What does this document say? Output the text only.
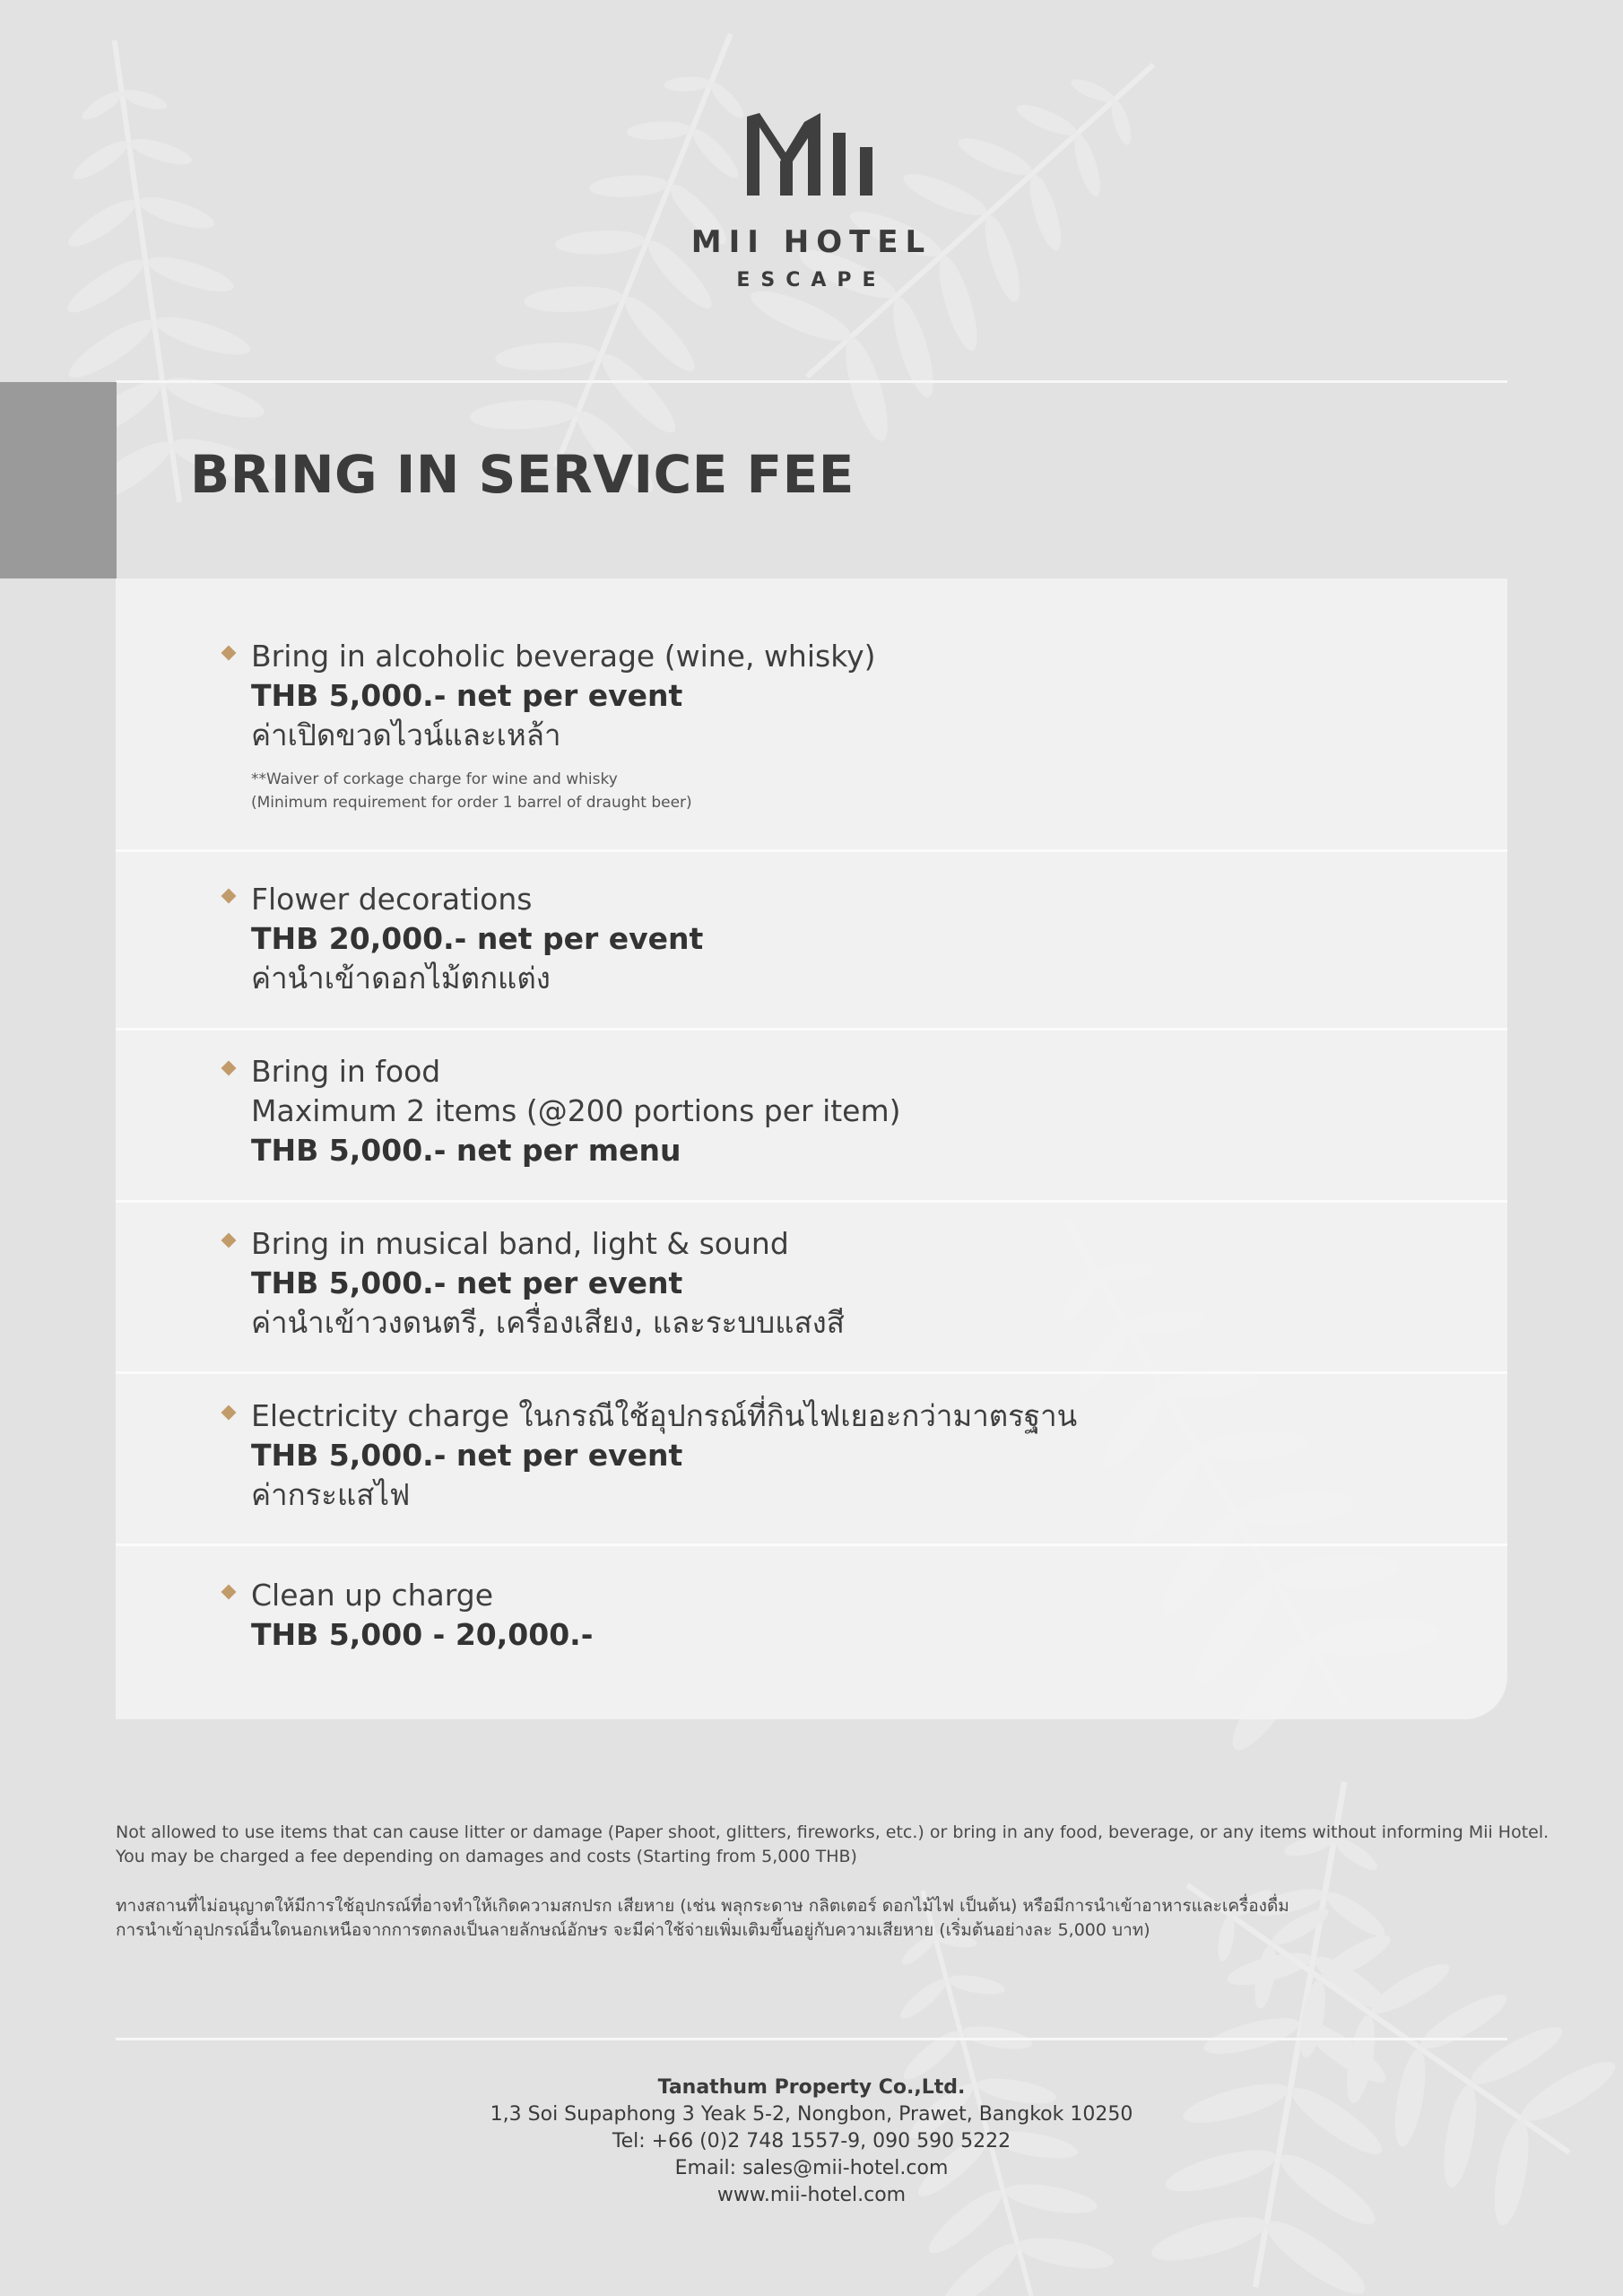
MII HOTEL
ESCAPE
BRING IN SERVICE FEE
Bring in alcoholic beverage (wine, whisky)
THB 5,000.- net per event
ค่าเปิดขวดไวน์และเหล้า
**Waiver of corkage charge for wine and whisky
(Minimum requirement for order 1 barrel of draught beer)
Flower decorations
THB 20,000.- net per event
ค่านำเข้าดอกไม้ตกแต่ง
Bring in food
Maximum 2 items (@200 portions per item)
THB 5,000.- net per menu
Bring in musical band, light & sound
THB 5,000.- net per event
ค่านำเข้าวงดนตรี, เครื่องเสียง, และระบบแสงสี
Electricity charge ในกรณีใช้อุปกรณ์ที่กินไฟเยอะกว่ามาตรฐาน
THB 5,000.- net per event
ค่ากระแสไฟ
Clean up charge
THB 5,000 - 20,000.-
Not allowed to use items that can cause litter or damage (Paper shoot, glitters, fireworks, etc.) or bring in any food, beverage, or any items without informing Mii Hotel.
You may be charged a fee depending on damages and costs (Starting from 5,000 THB)
ทางสถานที่ไม่อนุญาตให้มีการใช้อุปกรณ์ที่อาจทำให้เกิดความสกปรก เสียหาย (เช่น พลุกระดาษ กลิตเตอร์ ดอกไม้ไฟ เป็นต้น) หรือมีการนำเข้าอาหารและเครื่องดื่ม
การนำเข้าอุปกรณ์อื่นใดนอกเหนือจากการตกลงเป็นลายลักษณ์อักษร จะมีค่าใช้จ่ายเพิ่มเติมขึ้นอยู่กับความเสียหาย (เริ่มต้นอย่างละ 5,000 บาท)
Tanathum Property Co.,Ltd.
1,3 Soi Supaphong 3 Yeak 5-2, Nongbon, Prawet, Bangkok 10250
Tel: +66 (0)2 748 1557-9, 090 590 5222
Email: sales@mii-hotel.com
www.mii-hotel.com
